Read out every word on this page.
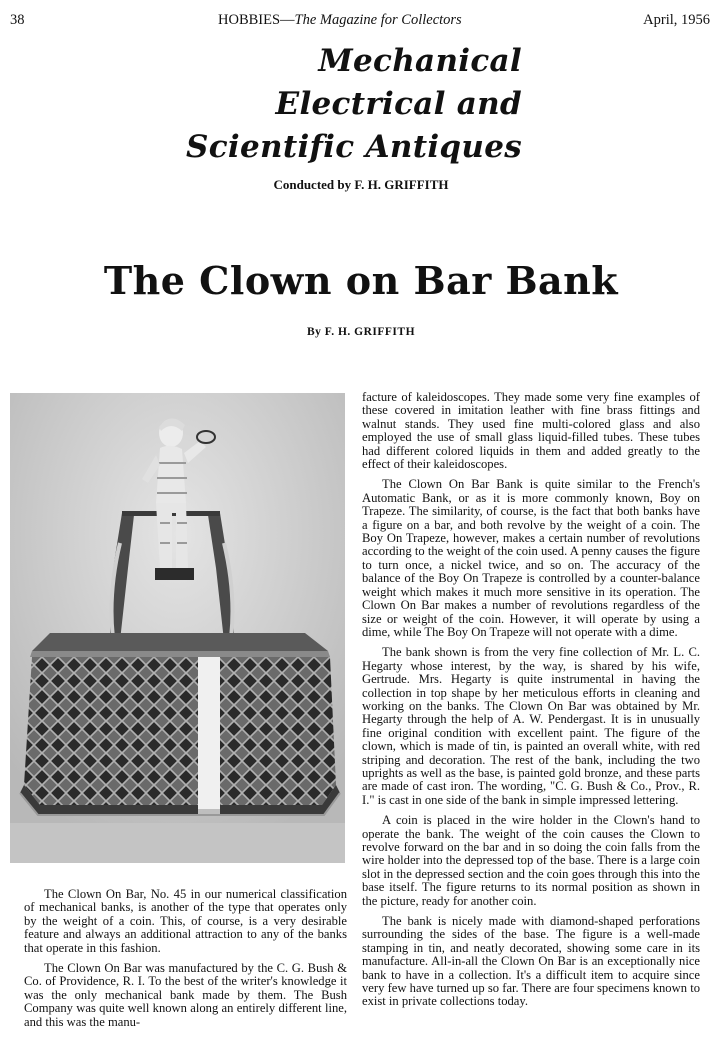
38	HOBBIES—The Magazine for Collectors	April, 1956
Mechanical
Electrical and
Scientific Antiques
Conducted by F. H. GRIFFITH
The Clown on Bar Bank
By F. H. GRIFFITH

The Clown On Bar, No. 45 in our numerical classification of mechanical banks, is another of the type that operates only by the weight of a coin. This, of course, is a very desirable feature and always an additional attraction to any of the banks that operate in this fashion.

The Clown On Bar was manufactured by the C. G. Bush & Co. of Providence, R. I. To the best of the writer's knowledge it was the only mechanical bank made by them. The Bush Company was quite well known along an entirely different line, and this was the manu-

facture of kaleidoscopes. They made some very fine examples of these covered in imitation leather with fine brass fittings and walnut stands. They used fine multi-colored glass and also employed the use of small glass liquid-filled tubes. These tubes had different colored liquids in them and added greatly to the effect of their kaleidoscopes.

The Clown On Bar Bank is quite similar to the French's Automatic Bank, or as it is more commonly known, Boy on Trapeze. The similarity, of course, is the fact that both banks have a figure on a bar, and both revolve by the weight of a coin. The Boy On Trapeze, however, makes a certain number of revolutions according to the weight of the coin used. A penny causes the figure to turn once, a nickel twice, and so on. The accuracy of the balance of the Boy On Trapeze is controlled by a counter-balance weight which makes it much more sensitive in its operation. The Clown On Bar makes a number of revolutions regardless of the size or weight of the coin. However, it will operate by using a dime, while The Boy On Trapeze will not operate with a dime.

The bank shown is from the very fine collection of Mr. L. C. Hegarty whose interest, by the way, is shared by his wife, Gertrude. Mrs. Hegarty is quite instrumental in having the collection in top shape by her meticulous efforts in cleaning and working on the banks. The Clown On Bar was obtained by Mr. Hegarty through the help of A. W. Pendergast. It is in unusually fine original condition with excellent paint. The figure of the clown, which is made of tin, is painted an overall white, with red striping and decoration. The rest of the bank, including the two uprights as well as the base, is painted gold bronze, and these parts are made of cast iron. The wording, "C. G. Bush & Co., Prov., R. I." is cast in one side of the bank in simple impressed lettering.

A coin is placed in the wire holder in the Clown's hand to operate the bank. The weight of the coin causes the Clown to revolve forward on the bar and in so doing the coin falls from the wire holder into the depressed top of the base. There is a large coin slot in the depressed section and the coin goes through this into the base itself. The figure returns to its normal position as shown in the picture, ready for another coin.

The bank is nicely made with diamond-shaped perforations surrounding the sides of the base. The figure is a well-made stamping in tin, and neatly decorated, showing some care in its manufacture. All-in-all the Clown On Bar is an exceptionally nice bank to have in a collection. It's a difficult item to acquire since very few have turned up so far. There are four specimens known to exist in private collections today.
